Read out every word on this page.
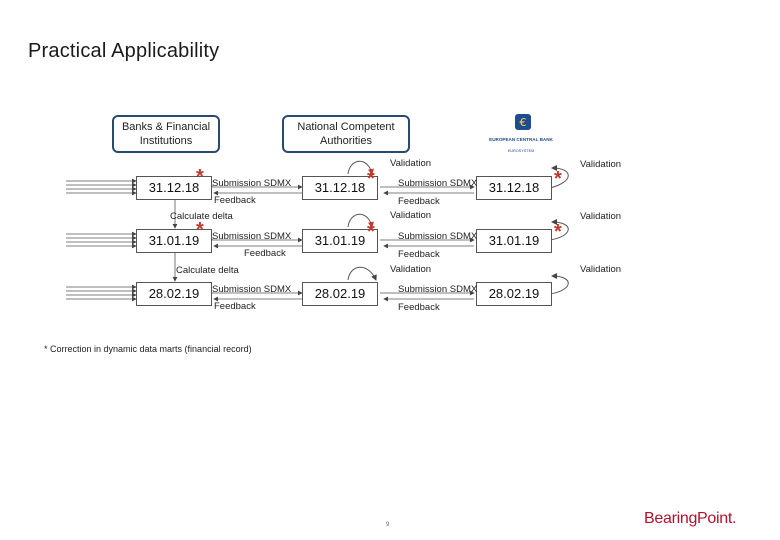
Practical Applicability
Banks & Financial Institutions
National Competent Authorities
€
EUROPEAN CENTRAL BANK
EUROSYSTEM
31.12.18	31.12.18	31.12.18
Submission SDMX
Feedback
Submission SDMX
Feedback
Validation	Validation
*	*	*
Calculate delta
31.01.19	31.01.19	31.01.19
Submission SDMX
Feedback
Submission SDMX
Feedback
Validation	Validation
*	*	*
Calculate delta
28.02.19	28.02.19	28.02.19
Submission SDMX
Feedback
Submission SDMX
Feedback
Validation	Validation
* Correction in dynamic data marts (financial record)
9	BearingPoint.
